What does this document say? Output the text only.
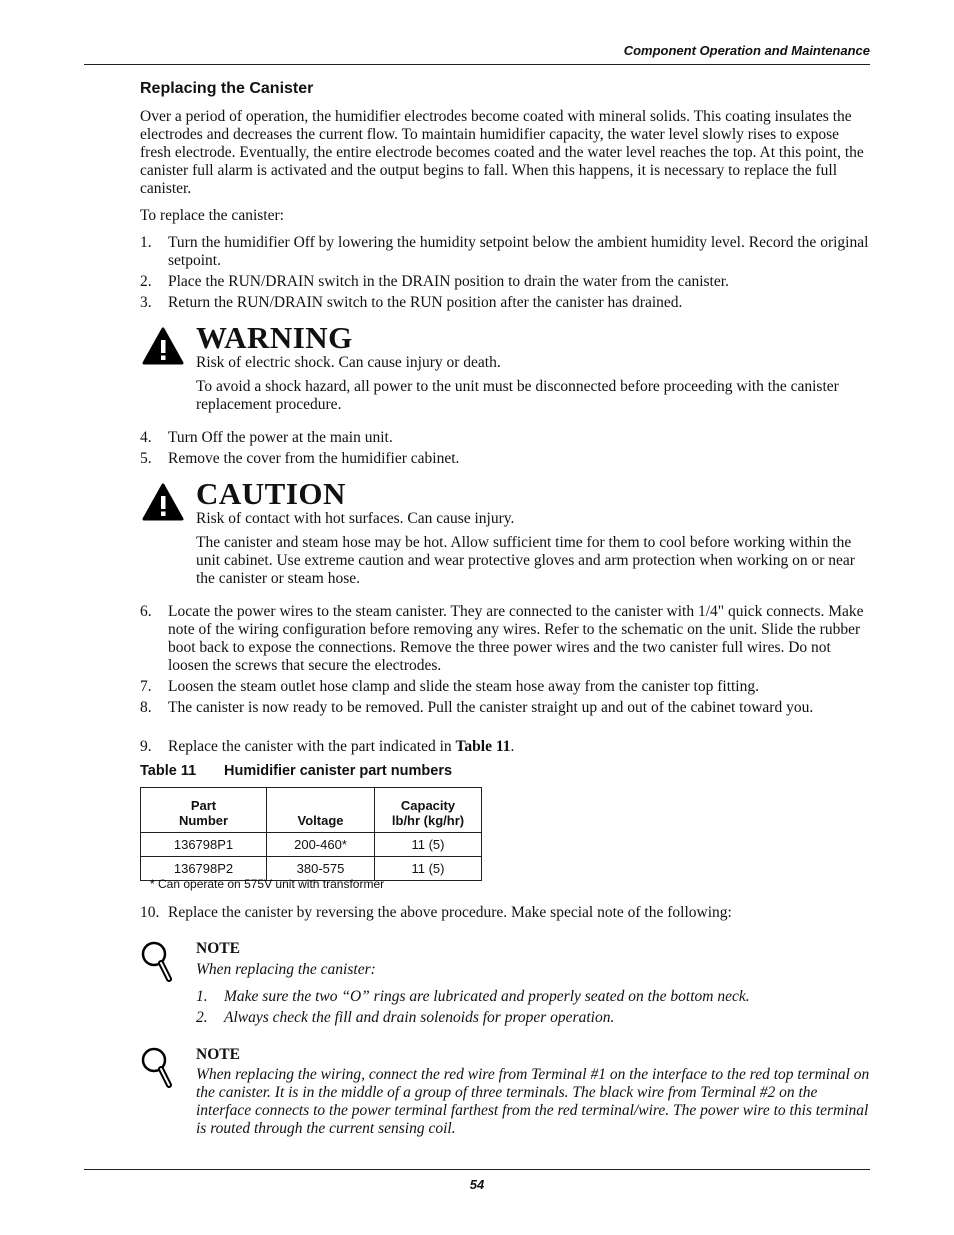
Component Operation and Maintenance
Replacing the Canister
Over a period of operation, the humidifier electrodes become coated with mineral solids. This coating insulates the electrodes and decreases the current flow. To maintain humidifier capacity, the water level slowly rises to expose fresh electrode. Eventually, the entire electrode becomes coated and the water level reaches the top. At this point, the canister full alarm is activated and the output begins to fall. When this happens, it is necessary to replace the full canister.
To replace the canister:
1.	Turn the humidifier Off by lowering the humidity setpoint below the ambient humidity level. Record the original setpoint.
2.	Place the RUN/DRAIN switch in the DRAIN position to drain the water from the canister.
3.	Return the RUN/DRAIN switch to the RUN position after the canister has drained.
WARNING
Risk of electric shock. Can cause injury or death.
To avoid a shock hazard, all power to the unit must be disconnected before proceeding with the canister replacement procedure.
4.	Turn Off the power at the main unit.
5.	Remove the cover from the humidifier cabinet.
CAUTION
Risk of contact with hot surfaces. Can cause injury.
The canister and steam hose may be hot. Allow sufficient time for them to cool before working within the unit cabinet. Use extreme caution and wear protective gloves and arm protection when working on or near the canister or steam hose.
6.	Locate the power wires to the steam canister. They are connected to the canister with 1/4" quick connects. Make note of the wiring configuration before removing any wires. Refer to the schematic on the unit. Slide the rubber boot back to expose the connections. Remove the three power wires and the two canister full wires. Do not loosen the screws that secure the electrodes.
7.	Loosen the steam outlet hose clamp and slide the steam hose away from the canister top fitting.
8.	The canister is now ready to be removed. Pull the canister straight up and out of the cabinet toward you.
9.	Replace the canister with the part indicated in Table 11.
Table 11 Humidifier canister part numbers
Part
Number	Voltage	Capacity
lb/hr (kg/hr)
136798P1	200-460*	11 (5)
136798P2	380-575	11 (5)
* Can operate on 575V unit with transformer
10. Replace the canister by reversing the above procedure. Make special note of the following:
NOTE
When replacing the canister:
1.	Make sure the two “O” rings are lubricated and properly seated on the bottom neck.
2.	Always check the fill and drain solenoids for proper operation.
NOTE
When replacing the wiring, connect the red wire from Terminal #1 on the interface to the red top terminal on the canister. It is in the middle of a group of three terminals. The black wire from Terminal #2 on the interface connects to the power terminal farthest from the red terminal/wire. The power wire to this terminal is routed through the current sensing coil.
54
